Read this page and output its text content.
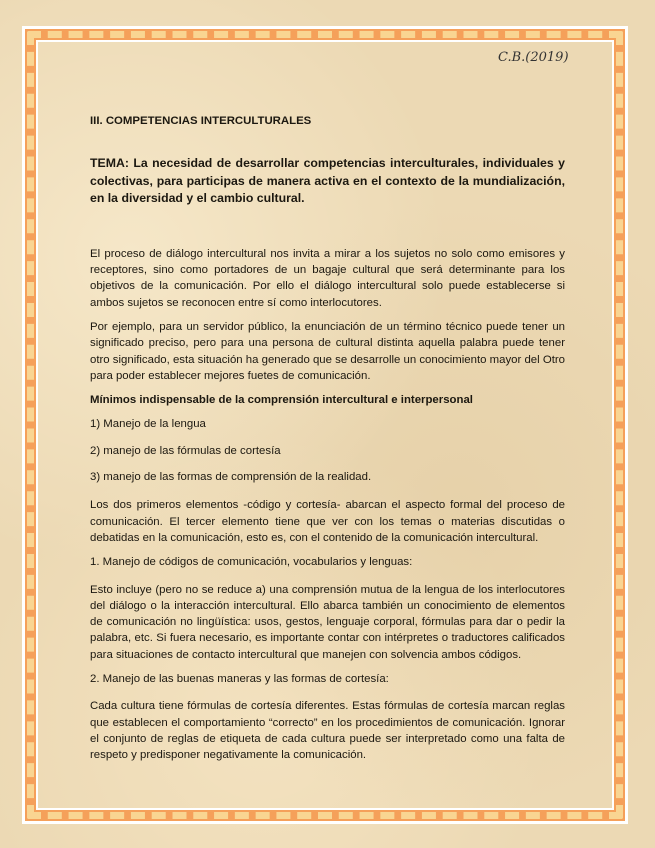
C.B.(2019)

III. COMPETENCIAS INTERCULTURALES

TEMA: La necesidad de desarrollar competencias interculturales, individuales y colectivas, para participas de manera activa en el contexto de la mundialización, en la diversidad y el cambio cultural.

El proceso de diálogo intercultural nos invita a mirar a los sujetos no solo como emisores y receptores, sino como portadores de un bagaje cultural que será determinante para los objetivos de la comunicación. Por ello el diálogo intercultural solo puede establecerse si ambos sujetos se reconocen entre sí como interlocutores.

Por ejemplo, para un servidor público, la enunciación de un término técnico puede tener un significado preciso, pero para una persona de cultural distinta aquella palabra puede tener otro significado, esta situación ha generado que se desarrolle un conocimiento mayor del Otro para poder establecer mejores fuetes de comunicación.

Mínimos indispensable de la comprensión intercultural e interpersonal

1) Manejo de la lengua

2) manejo de las fórmulas de cortesía

3) manejo de las formas de comprensión de la realidad.

Los dos primeros elementos -código y cortesía- abarcan el aspecto formal del proceso de comunicación. El tercer elemento tiene que ver con los temas o materias discutidas o debatidas en la comunicación, esto es, con el contenido de la comunicación intercultural.

1. Manejo de códigos de comunicación, vocabularios y lenguas:

Esto incluye (pero no se reduce a) una comprensión mutua de la lengua de los interlocutores del diálogo o la interacción intercultural. Ello abarca también un conocimiento de elementos de comunicación no lingüística: usos, gestos, lenguaje corporal, fórmulas para dar o pedir la palabra, etc. Si fuera necesario, es importante contar con intérpretes o traductores calificados para situaciones de contacto intercultural que manejen con solvencia ambos códigos.

2. Manejo de las buenas maneras y las formas de cortesía:

Cada cultura tiene fórmulas de cortesía diferentes. Estas fórmulas de cortesía marcan reglas que establecen el comportamiento “correcto” en los procedimientos de comunicación. Ignorar el conjunto de reglas de etiqueta de cada cultura puede ser interpretado como una falta de respeto y predisponer negativamente la comunicación.
